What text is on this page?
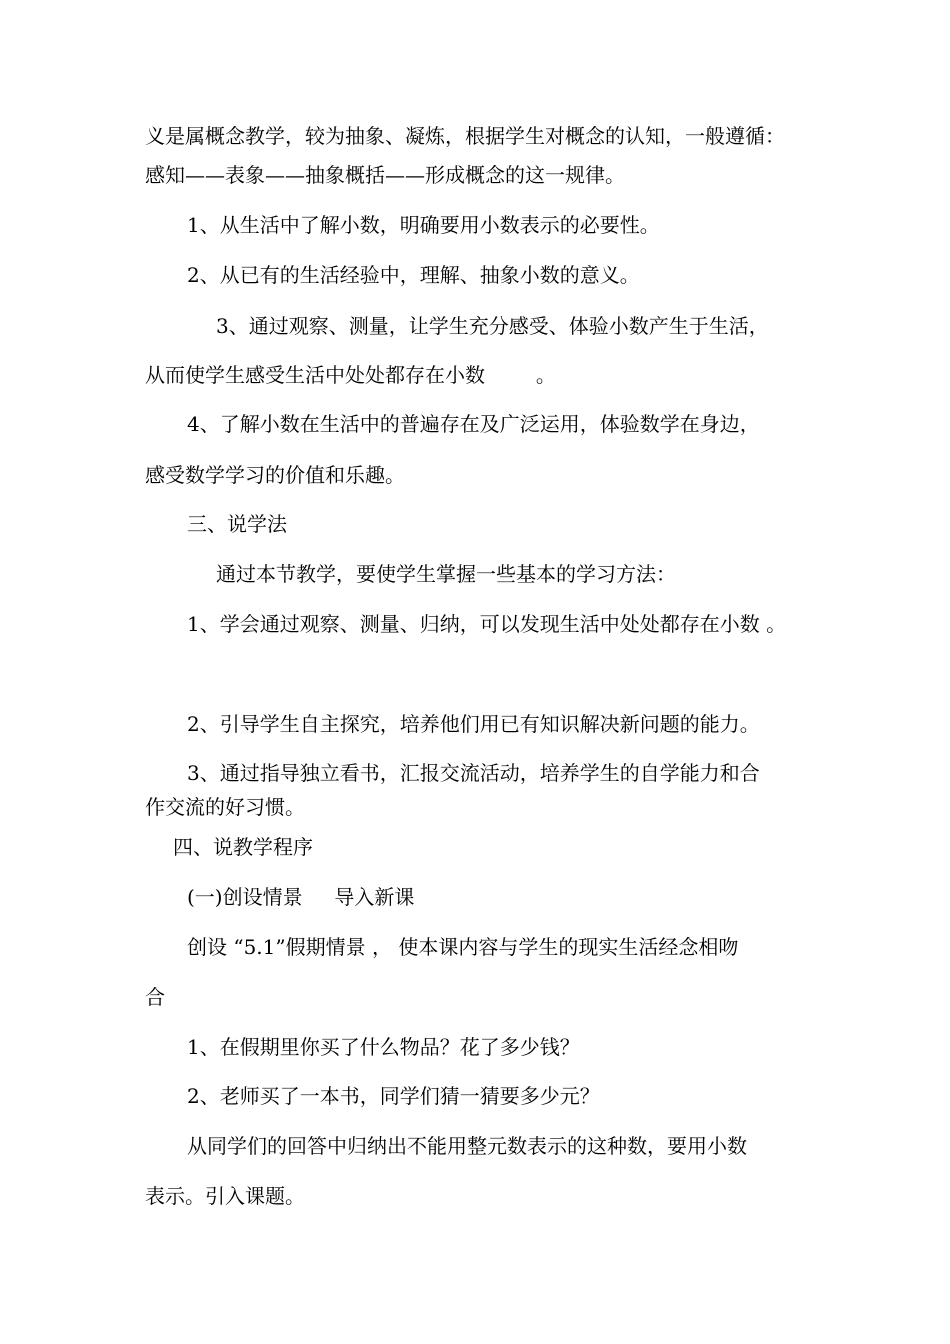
义是属概念教学，较为抽象、凝炼，根据学生对概念的认知，一般遵循：
感知——表象——抽象概括——形成概念的这一规律。
1、从生活中了解小数，明确要用小数表示的必要性。
2、从已有的生活经验中，理解、抽象小数的意义。
3、通过观察、测量，让学生充分感受、体验小数产生于生活，
从而使学生感受生活中处处都存在小数        。
4、了解小数在生活中的普遍存在及广泛运用，体验数学在身边，
感受数学学习的价值和乐趣。
三、说学法
通过本节教学，要使学生掌握一些基本的学习方法：
1、学会通过观察、测量、归纳，可以发现生活中处处都存在小数 。
2、引导学生自主探究，培养他们用已有知识解决新问题的能力。
3、通过指导独立看书，汇报交流活动，培养学生的自学能力和合
作交流的好习惯。
四、说教学程序
(一)创设情景     导入新课
创设 “5.1”假期情景 ， 使本课内容与学生的现实生活经念相吻
合
1、在假期里你买了什么物品？花了多少钱？
2、老师买了一本书，同学们猜一猜要多少元？
从同学们的回答中归纳出不能用整元数表示的这种数，要用小数
表示。引入课题。
